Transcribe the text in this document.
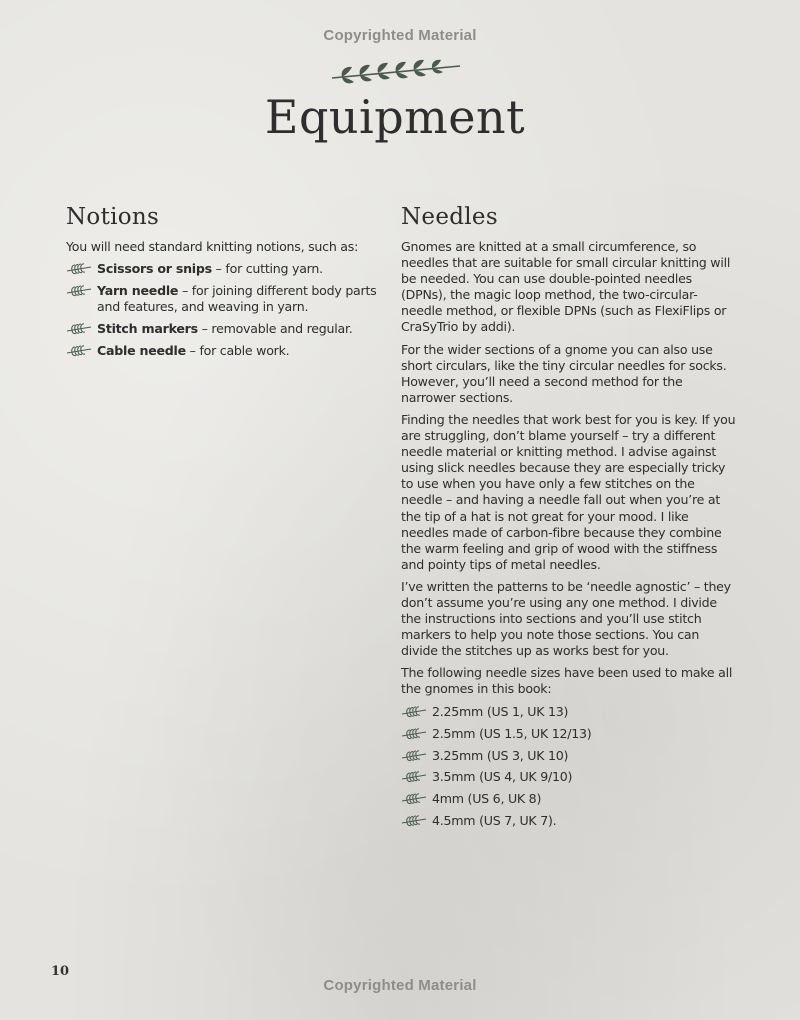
Copyrighted Material
Equipment
Notions

You will need standard knitting notions, such as:

Scissors or snips – for cutting yarn.
Yarn needle – for joining different body parts and features, and weaving in yarn.
Stitch markers – removable and regular.
Cable needle – for cable work.
Needles

Gnomes are knitted at a small circumference, so needles that are suitable for small circular knitting will be needed. You can use double-pointed needles (DPNs), the magic loop method, the two-circular-needle method, or flexible DPNs (such as FlexiFlips or CraSyTrio by addi).

For the wider sections of a gnome you can also use short circulars, like the tiny circular needles for socks. However, you’ll need a second method for the narrower sections.

Finding the needles that work best for you is key. If you are struggling, don’t blame yourself – try a different needle material or knitting method. I advise against using slick needles because they are especially tricky to use when you have only a few stitches on the needle – and having a needle fall out when you’re at the tip of a hat is not great for your mood. I like needles made of carbon-fibre because they combine the warm feeling and grip of wood with the stiffness and pointy tips of metal needles.

I’ve written the patterns to be ‘needle agnostic’ – they don’t assume you’re using any one method. I divide the instructions into sections and you’ll use stitch markers to help you note those sections. You can divide the stitches up as works best for you.

The following needle sizes have been used to make all the gnomes in this book:

2.25mm (US 1, UK 13)
2.5mm (US 1.5, UK 12/13)
3.25mm (US 3, UK 10)
3.5mm (US 4, UK 9/10)
4mm (US 6, UK 8)
4.5mm (US 7, UK 7).
10
Copyrighted Material
